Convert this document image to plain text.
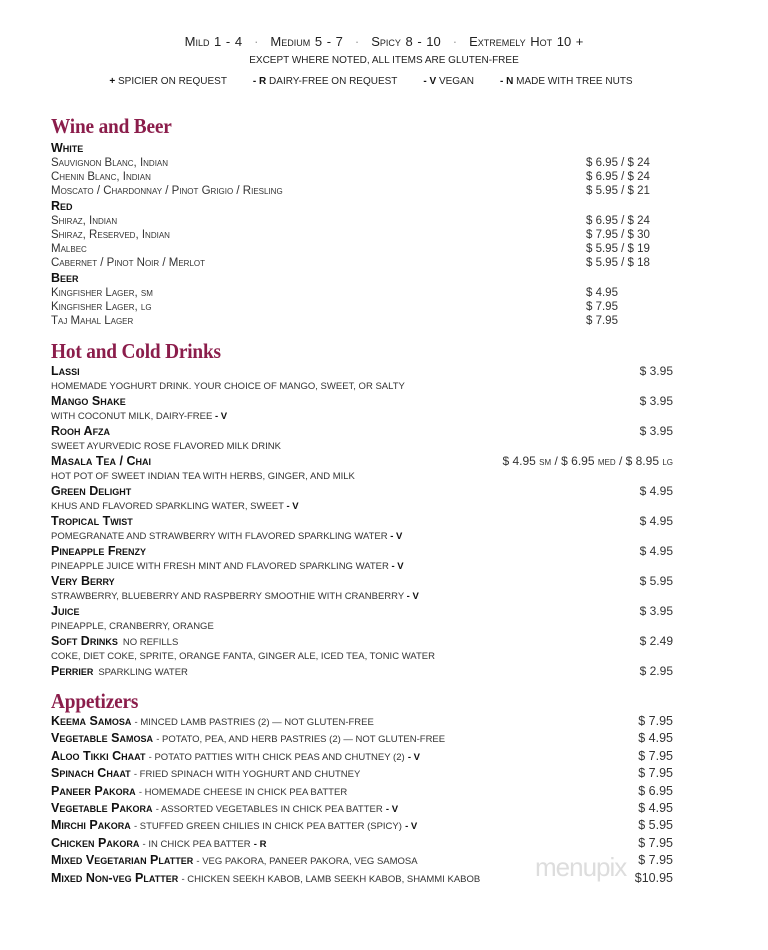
Mild 1 - 4 · Medium 5 - 7 · Spicy 8 - 10 · Extremely Hot 10 +
EXCEPT WHERE NOTED, ALL ITEMS ARE GLUTEN-FREE
+ SPICIER ON REQUEST	- R DAIRY-FREE ON REQUEST	- V VEGAN	- N MADE WITH TREE NUTS
Wine and Beer
White
Sauvignon Blanc, Indian	$ 6.95 / $ 24
Chenin Blanc, Indian	$ 6.95 / $ 24
Moscato / Chardonnay / Pinot Grigio / Riesling	$ 5.95 / $ 21
Red
Shiraz, Indian	$ 6.95 / $ 24
Shiraz, Reserved, Indian	$ 7.95 / $ 30
Malbec	$ 5.95 / $ 19
Cabernet / Pinot Noir / Merlot	$ 5.95 / $ 18
Beer
Kingfisher Lager, sm	$ 4.95
Kingfisher Lager, lg	$ 7.95
Taj Mahal Lager	$ 7.95
Hot and Cold Drinks
Lassi	$ 3.95
HOMEMADE YOGHURT DRINK. YOUR CHOICE OF MANGO, SWEET, OR SALTY
Mango Shake	$ 3.95
WITH COCONUT MILK, DAIRY-FREE - V
Rooh Afza	$ 3.95
SWEET AYURVEDIC ROSE FLAVORED MILK DRINK
Masala Tea / Chai	$ 4.95 sm / $ 6.95 med / $ 8.95 lg
HOT POT OF SWEET INDIAN TEA WITH HERBS, GINGER, AND MILK
Green Delight	$ 4.95
KHUS AND FLAVORED SPARKLING WATER, SWEET - V
Tropical Twist	$ 4.95
POMEGRANATE AND STRAWBERRY WITH FLAVORED SPARKLING WATER - V
Pineapple Frenzy	$ 4.95
PINEAPPLE JUICE WITH FRESH MINT AND FLAVORED SPARKLING WATER - V
Very Berry	$ 5.95
STRAWBERRY, BLUEBERRY AND RASPBERRY SMOOTHIE WITH CRANBERRY - V
Juice	$ 3.95
PINEAPPLE, CRANBERRY, ORANGE
Soft Drinks NO REFILLS	$ 2.49
COKE, DIET COKE, SPRITE, ORANGE FANTA, GINGER ALE, ICED TEA, TONIC WATER
Perrier SPARKLING WATER	$ 2.95
Appetizers
Keema Samosa - MINCED LAMB PASTRIES (2) — NOT GLUTEN-FREE	$ 7.95
Vegetable Samosa - POTATO, PEA, AND HERB PASTRIES (2) — NOT GLUTEN-FREE	$ 4.95
Aloo Tikki Chaat - POTATO PATTIES WITH CHICK PEAS AND CHUTNEY (2) - V	$ 7.95
Spinach Chaat - FRIED SPINACH WITH YOGHURT AND CHUTNEY	$ 7.95
Paneer Pakora - HOMEMADE CHEESE IN CHICK PEA BATTER	$ 6.95
Vegetable Pakora - ASSORTED VEGETABLES IN CHICK PEA BATTER - V	$ 4.95
Mirchi Pakora - STUFFED GREEN CHILIES IN CHICK PEA BATTER (SPICY) - V	$ 5.95
Chicken Pakora - IN CHICK PEA BATTER - R	$ 7.95
Mixed Vegetarian Platter - VEG PAKORA, PANEER PAKORA, VEG SAMOSA	$ 7.95
Mixed Non-veg Platter - CHICKEN SEEKH KABOB, LAMB SEEKH KABOB, SHAMMI KABOB	$10.95
menupix
